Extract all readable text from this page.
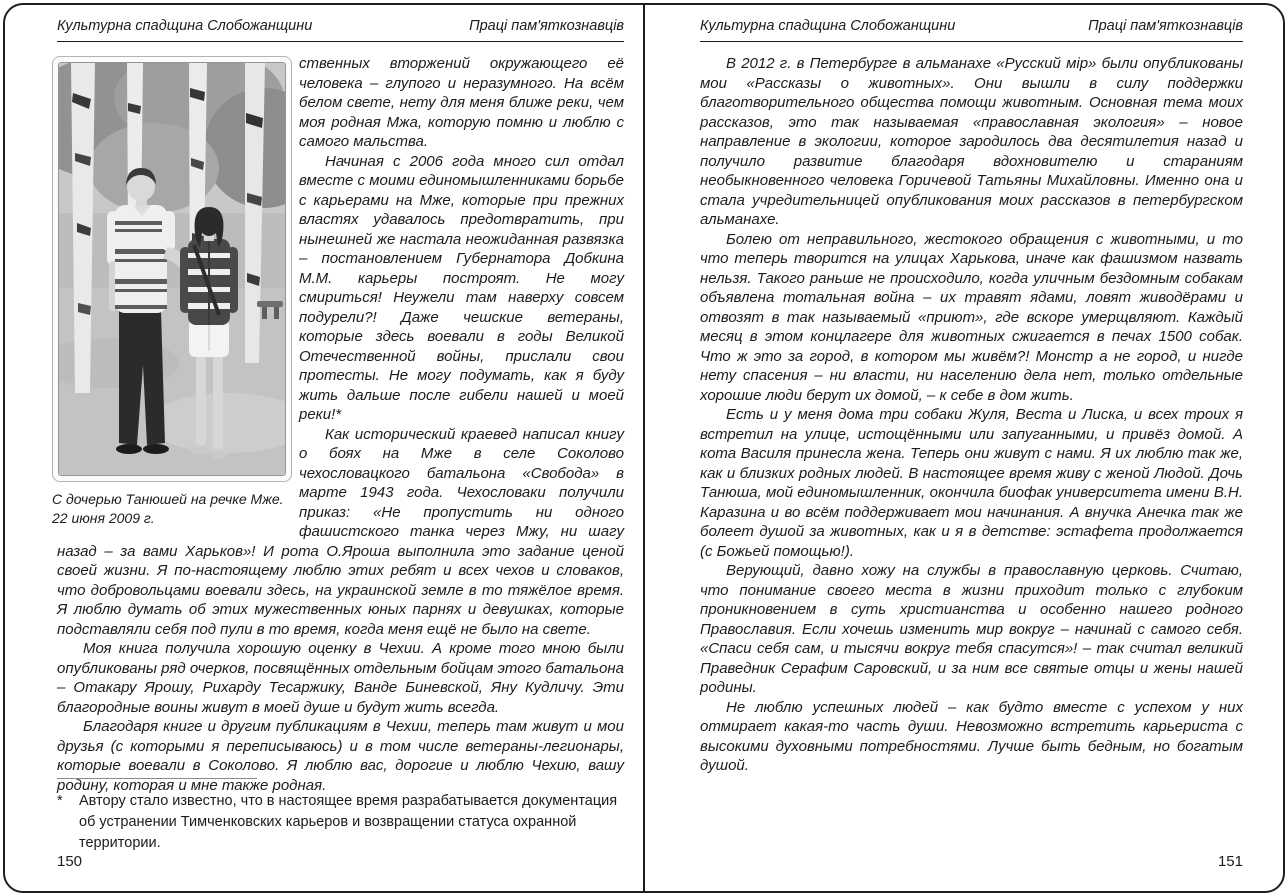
Культурна спадщина Слобожанщини	Праці пам'яткознавців
С дочерью Танюшей на речке Мже.
22 июня 2009 г.

ственных вторжений окружающего её человека – глупого и неразумного. На всём белом свете, нету для меня ближе реки, чем моя родная Мжа, которую помню и люблю с самого мальства.

Начиная с 2006 года много сил отдал вместе с моими единомышленниками борьбе с карьерами на Мже, которые при прежних властях удавалось предотвратить, при нынешней же настала неожиданная развязка – постановлением Губернатора Добкина М.М. карьеры построят. Не могу смириться! Неужели там наверху совсем подурели?! Даже чешские ветераны, которые здесь воевали в годы Великой Отечественной войны, прислали свои протесты. Не могу подумать, как я буду жить дальше после гибели нашей и моей реки!*

Как исторический краевед написал книгу о боях на Мже в селе Соколово чехословацкого батальона «Свобода» в марте 1943 года. Чехословаки получили приказ: «Не пропустить ни одного фашистского танка через Мжу, ни шагу назад – за вами Харьков»! И рота О.Яроша выполнила это задание ценой своей жизни. Я по-настоящему люблю этих ребят и всех чехов и словаков, что добровольцами воевали здесь, на украинской земле в то тяжёлое время. Я люблю думать об этих мужественных юных парнях и девушках, которые подставляли себя под пули в то время, когда меня ещё не было на свете.

Моя книга получила хорошую оценку в Чехии. А кроме того мною были опубликованы ряд очерков, посвящённых отдельным бойцам этого батальона – Отакару Ярошу, Рихарду Тесаржику, Ванде Биневской, Яну Кудличу. Эти благородные воины живут в моей душе и будут жить всегда.

Благодаря книге и другим публикациям в Чехии, теперь там живут и мои друзья (с которыми я переписываюсь) и в том числе ветераны-легионары, которые воевали в Соколово. Я люблю вас, дорогие и люблю Чехию, вашу родину, которая и мне также родная.

*	Автору стало известно, что в настоящее время разрабатывается документация об устранении Тимченковских карьеров и возвращении статуса охранной территории.
150
Культурна спадщина Слобожанщини	Праці пам'яткознавців

В 2012 г. в Петербурге в альманахе «Русский мір» были опубликованы мои «Рассказы о животных». Они вышли в силу поддержки благотворительного общества помощи животным. Основная тема моих рассказов, это так называемая «православная экология» – новое направление в экологии, которое зародилось два десятилетия назад и получило развитие благодаря вдохновителю и стараниям необыкновенного человека Горичевой Татьяны Михайловны. Именно она и стала учредительницей опубликования моих рассказов в петербургском альманахе.

Болею от неправильного, жестокого обращения с животными, и то что теперь творится на улицах Харькова, иначе как фашизмом назвать нельзя. Такого раньше не происходило, когда уличным бездомным собакам объявлена тотальная война – их травят ядами, ловят живодёрами и отвозят в так называемый «приют», где вскоре умерщвляют. Каждый месяц в этом концлагере для животных сжигается в печах 1500 собак. Что ж это за город, в котором мы живём?! Монстр а не город, и нигде нету спасения – ни власти, ни населению дела нет, только отдельные хорошие люди берут их домой, – к себе в дом жить.

Есть и у меня дома три собаки Жуля, Веста и Лиска, и всех троих я встретил на улице, истощёнными или запуганными, и привёз домой. А кота Василя принесла жена. Теперь они живут с нами. Я их люблю так же, как и близких родных людей. В настоящее время живу с женой Людой. Дочь Танюша, мой единомышленник, окончила биофак университета имени В.Н. Каразина и во всём поддерживает мои начинания. А внучка Анечка так же болеет душой за животных, как и я в детстве: эстафета продолжается (с Божьей помощью!).

Верующий, давно хожу на службы в православную церковь. Считаю, что понимание своего места в жизни приходит только с глубоким проникновением в суть христианства и особенно нашего родного Православия. Если хочешь изменить мир вокруг – начинай с самого себя. «Спаси себя сам, и тысячи вокруг тебя спасутся»! – так считал великий Праведник Серафим Саровский, и за ним все святые отцы и жены нашей родины.

Не люблю успешных людей – как будто вместе с успехом у них отмирает какая-то часть души. Невозможно встретить карьериста с высокими духовными потребностями. Лучше быть бедным, но богатым душой.

151
